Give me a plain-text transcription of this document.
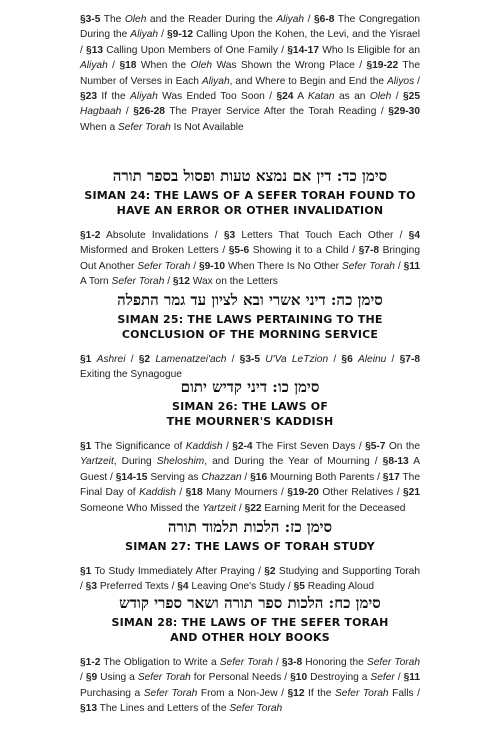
§3-5 The Oleh and the Reader During the Aliyah / §6-8 The Congregation During the Aliyah / §9-12 Calling Upon the Kohen, the Levi, and the Yisrael / §13 Calling Upon Members of One Family / §14-17 Who Is Eligible for an Aliyah / §18 When the Oleh Was Shown the Wrong Place / §19-22 The Number of Verses in Each Aliyah, and Where to Begin and End the Aliyos / §23 If the Aliyah Was Ended Too Soon / §24 A Katan as an Oleh / §25 Hagbaah / §26-28 The Prayer Service After the Torah Reading / §29-30 When a Sefer Torah Is Not Available

סימן כד: דין אם נמצא טעות ופסול בספר תורה

SIMAN 24: THE LAWS OF A SEFER TORAH FOUND TO

HAVE AN ERROR OR OTHER INVALIDATION

§1-2 Absolute Invalidations / §3 Letters That Touch Each Other / §4 Misformed and Broken Letters / §5-6 Showing it to a Child / §7-8 Bringing Out Another Sefer Torah / §9-10 When There Is No Other Sefer Torah / §11 A Torn Sefer Torah / §12 Wax on the Letters

סימן כה: דיני אשרי ובא לציון עד גמר התפלה

SIMAN 25: THE LAWS PERTAINING TO THE

CONCLUSION OF THE MORNING SERVICE

§1 Ashrei / §2 Lamenatzei'ach / §3-5 U'Va LeTzion / §6 Aleinu / §7-8 Exiting the Synagogue

סימן כו: דיני קדיש יתום

SIMAN 26: THE LAWS OF

THE MOURNER'S KADDISH

§1 The Significance of Kaddish / §2-4 The First Seven Days / §5-7 On the Yartzeit, During Sheloshim, and During the Year of Mourning / §8-13 A Guest / §14-15 Serving as Chazzan / §16 Mourning Both Parents / §17 The Final Day of Kaddish / §18 Many Mourners / §19-20 Other Relatives / §21 Someone Who Missed the Yartzeit / §22 Earning Merit for the Deceased

סימן כז: הלכות תלמוד תורה

SIMAN 27: THE LAWS OF TORAH STUDY

§1 To Study Immediately After Praying / §2 Studying and Supporting Torah / §3 Preferred Texts / §4 Leaving One's Study / §5 Reading Aloud

סימן כח: הלכות ספר תורה ושאר ספרי קודש

SIMAN 28: THE LAWS OF THE SEFER TORAH

AND OTHER HOLY BOOKS

§1-2 The Obligation to Write a Sefer Torah / §3-8 Honoring the Sefer Torah / §9 Using a Sefer Torah for Personal Needs / §10 Destroying a Sefer / §11 Purchasing a Sefer Torah From a Non-Jew / §12 If the Sefer Torah Falls / §13 The Lines and Letters of the Sefer Torah
